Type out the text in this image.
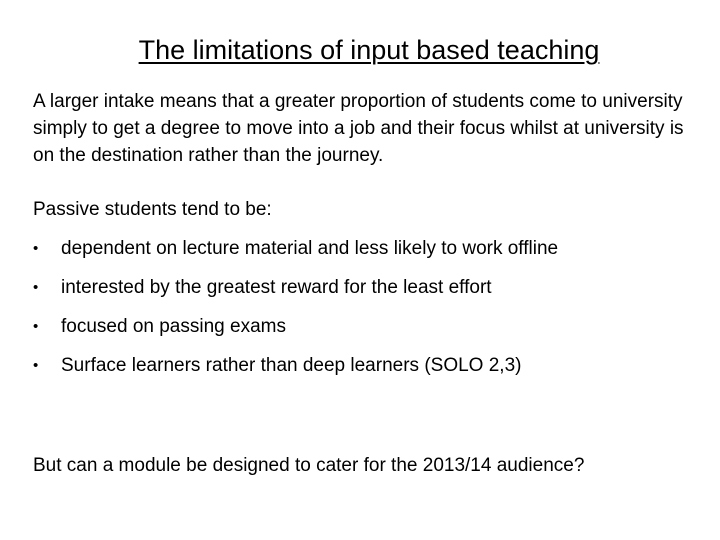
The limitations of input based teaching
A larger intake means that a greater proportion of students come to university simply to get a degree to move into a job and their focus whilst at university is on the destination rather than the journey.
Passive students tend to be:
•	dependent on lecture material and less likely to work offline
•	interested by the greatest reward for the least effort
•	focused on passing exams
•	Surface learners rather than deep learners (SOLO 2,3)
But can a module be designed to cater for the 2013/14 audience?
